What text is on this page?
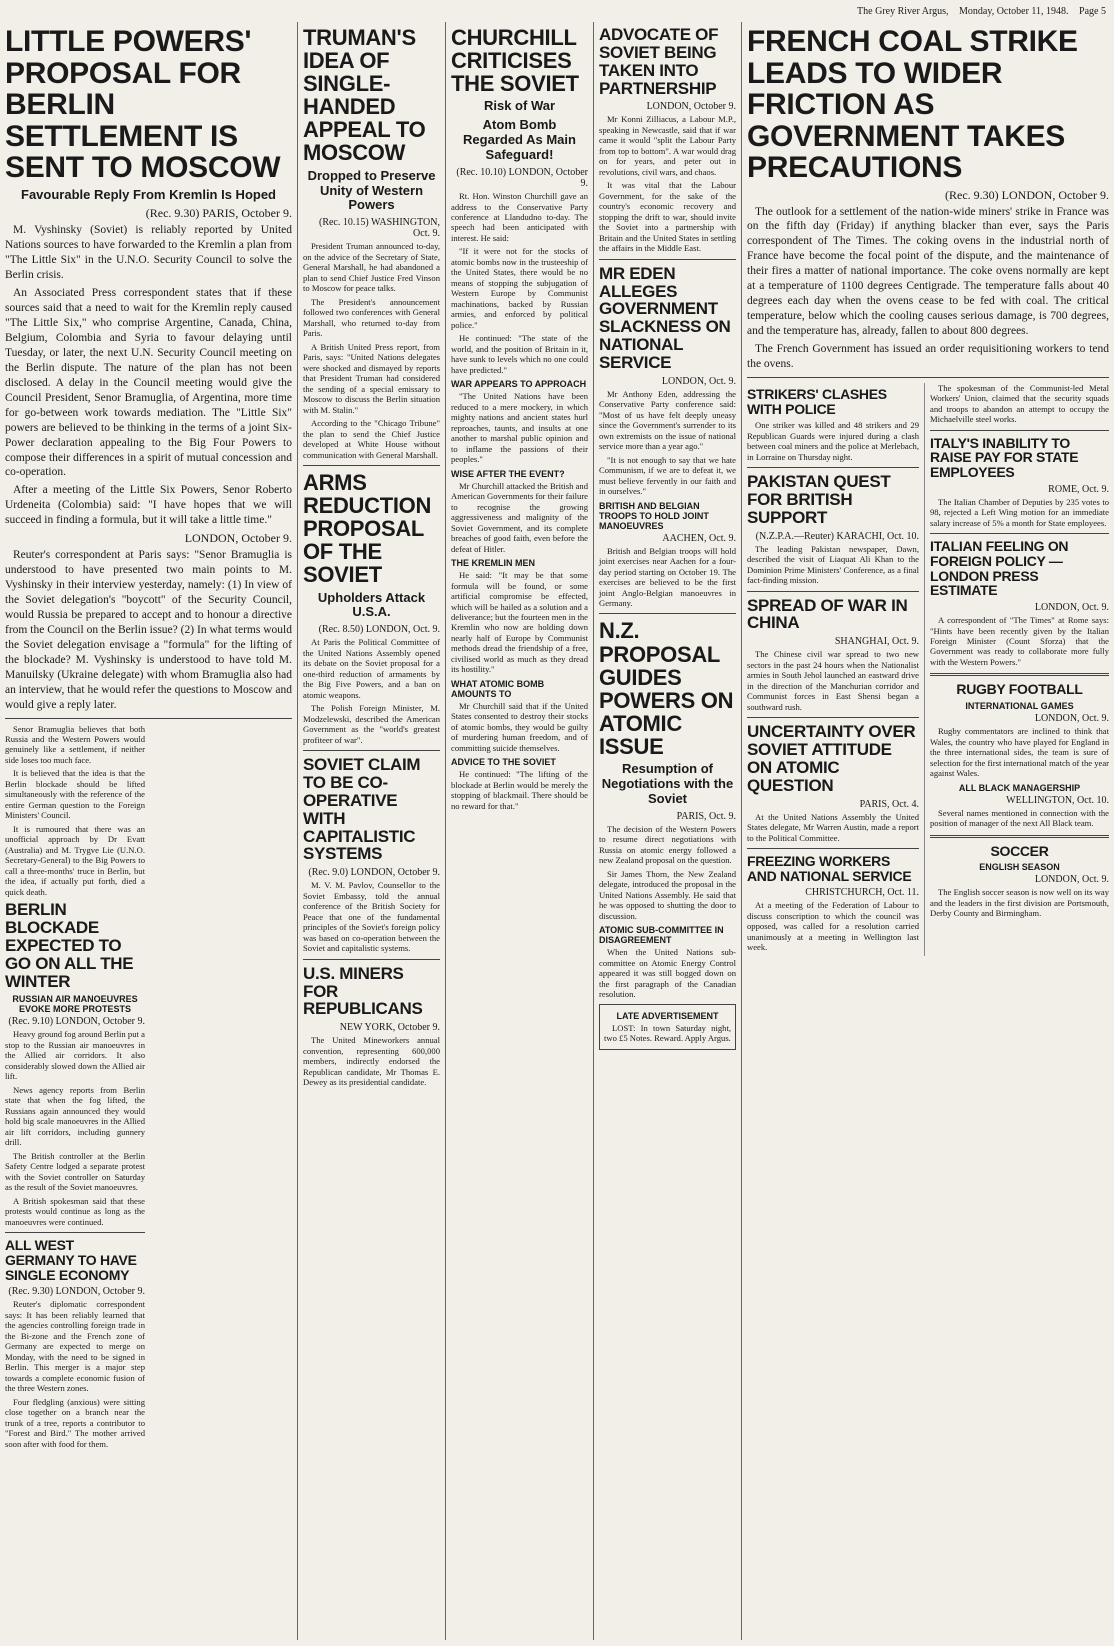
The Grey River Argus, Monday, October 11, 1948. Page 5
LITTLE POWERS' PROPOSAL FOR BERLIN SETTLEMENT IS SENT TO MOSCOW
Favourable Reply From Kremlin Is Hoped
(Rec. 9.30) PARIS, October 9.

M. Vyshinsky (Soviet) is reliably reported by United Nations sources to have forwarded to the Kremlin a plan from "The Little Six" in the U.N.O. Security Council to solve the Berlin crisis.

An Associated Press correspondent states that if these sources said that a need to wait for the Kremlin reply caused "The Little Six," who comprise Argentine, Canada, China, Belgium, Colombia and Syria to favour delaying until Tuesday, or later, the next U.N. Security Council meeting on the Berlin dispute. The nature of the plan has not been disclosed. A delay in the Council meeting would give the Council President, Senor Bramuglia, of Argentina, more time for go-between work towards mediation. The "Little Six" powers are believed to be thinking in the terms of a joint Six-Power declaration appealing to the Big Four Powers to compose their differences in a spirit of mutual concession and co-operation.

After a meeting of the Little Six Powers, Senor Roberto Urdeneita (Colombia) said: "I have hopes that we will succeed in finding a formula, but it will take a little time."

LONDON, October 9.

Reuter's correspondent at Paris says: "Senor Bramuglia is understood to have presented two main points to M. Vyshinsky in their interview yesterday, namely: (1) In view of the Soviet delegation's "boycott" of the Security Council, would Russia be prepared to accept and to honour a directive from the Council on the Berlin issue? (2) In what terms would the Soviet delegation envisage a "formula" for the lifting of the blockade? M. Vyshinsky is understood to have told M. Manuilsky (Ukraine delegate) with whom Bramuglia also had an interview, that he would refer the questions to Moscow and would give a reply later.

Senor Bramuglia believes that both Russia and the Western Powers would genuinely like a settlement, if neither side loses too much face.

It is believed that the idea is that the Berlin blockade should be lifted simultaneously with the reference of the entire German question to the Foreign Ministers' Council.

It is rumoured that there was an unofficial approach by Dr Evatt (Australia) and M. Trygve Lie (U.N.O. Secretary-General) to the Big Powers to call a three-months' truce in Berlin, but the idea, if actually put forth, died a quick death.

BERLIN BLOCKADE EXPECTED TO GO ON ALL THE WINTER
RUSSIAN AIR MANOEUVRES EVOKE MORE PROTESTS
(Rec. 9.10) LONDON, October 9.

Heavy ground fog around Berlin put a stop to the Russian air manoeuvres in the Allied air corridors. It also considerably slowed down the Allied air lift.

News agency reports from Berlin state that when the fog lifted, the Russians again announced they would hold big scale manoeuvres in the Allied air lift corridors, including gunnery drill.

The British controller at the Berlin Safety Centre lodged a separate protest with the Soviet controller on Saturday as the result of the Soviet manoeuvres.

A British spokesman said that these protests would continue as long as the manoeuvres were continued.

ALL WEST GERMANY TO HAVE SINGLE ECONOMY
(Rec. 9.30) LONDON, October 9.

Reuter's diplomatic correspondent says: It has been reliably learned that the agencies controlling foreign trade in the Bi-zone and the French zone of Germany are expected to merge on Monday, with the need to be signed in Berlin. This merger is a major step towards a complete economic fusion of the three Western zones.

Four fledgling (anxious) were sitting close together on a branch near the trunk of a tree, reports a contributor to "Forest and Bird." The mother arrived soon after with food for them.

TRUMAN'S IDEA OF SINGLE-HANDED APPEAL TO MOSCOW
Dropped to Preserve Unity of Western Powers
(Rec. 10.15) WASHINGTON, Oct. 9.

President Truman announced to-day, on the advice of the Secretary of State, General Marshall, he had abandoned a plan to send Chief Justice Fred Vinson to Moscow for peace talks.

The President's announcement followed two conferences with General Marshall, who returned to-day from Paris.

A British United Press report, from Paris, says: "United Nations delegates were shocked and dismayed by reports that President Truman had considered the sending of a special emissary to Moscow to discuss the Berlin situation with M. Stalin."

According to the "Chicago Tribune" the plan to send the Chief Justice developed at White House without communication with General Marshall.

ARMS REDUCTION PROPOSAL OF THE SOVIET
Upholders Attack U.S.A.
(Rec. 8.50) LONDON, Oct. 9.

At Paris the Political Committee of the United Nations Assembly opened its debate on the Soviet proposal for a one-third reduction of armaments by the Big Five Powers, and a ban on atomic weapons.

The Polish Foreign Minister, M. Modzelewski, described the American Government as the "world's greatest profiteer of war".

SOVIET CLAIM TO BE CO-OPERATIVE WITH CAPITALISTIC SYSTEMS
(Rec. 9.0) LONDON, October 9.

M. V. M. Pavlov, Counsellor to the Soviet Embassy, told the annual conference of the British Society for Peace that one of the fundamental principles of the Soviet's foreign policy was based on co-operation between the Soviet and capitalistic systems.

U.S. MINERS FOR REPUBLICANS
NEW YORK, October 9.

The United Mineworkers annual convention, representing 600,000 members, indirectly endorsed the Republican candidate, Mr Thomas E. Dewey as its presidential candidate.

CHURCHILL CRITICISES THE SOVIET
Risk of War
Atom Bomb Regarded As Main Safeguard!
(Rec. 10.10) LONDON, October 9.

Rt. Hon. Winston Churchill gave an address to the Conservative Party conference at Llandudno to-day. The speech had been anticipated with interest. He said:

"If it were not for the stocks of atomic bombs now in the trusteeship of the United States, there would be no means of stopping the subjugation of Western Europe by Communist machinations, backed by Russian armies, and enforced by political police."

He continued: "The state of the world, and the position of Britain in it, have sunk to levels which no one could have predicted."

WAR APPEARS TO APPROACH

"The United Nations have been reduced to a mere mockery, in which mighty nations and ancient states hurl reproaches, taunts, and insults at one another to marshal public opinion and to inflame the passions of their peoples."

WISE AFTER THE EVENT?

Mr Churchill attacked the British and American Governments for their failure to recognise the growing aggressiveness and malignity of the Soviet Government, and its complete breaches of good faith, even before the defeat of Hitler.

THE KREMLIN MEN

He said: "It may be that some formula will be found, or some artificial compromise be effected, which will be hailed as a solution and a deliverance; but the fourteen men in the Kremlin who now are holding down nearly half of Europe by Communist methods dread the friendship of a free, civilised world as much as they dread its hostility."

WHAT ATOMIC BOMB AMOUNTS TO

Mr Churchill said that if the United States consented to destroy their stocks of atomic bombs, they would be guilty of murdering human freedom, and of committing suicide themselves.

ADVICE TO THE SOVIET

He continued: "The lifting of the blockade at Berlin would be merely the stopping of blackmail. There should be no reward for that."

ADVOCATE OF SOVIET BEING TAKEN INTO PARTNERSHIP
LONDON, October 9.

Mr Konni Zilliacus, a Labour M.P., speaking in Newcastle, said that if war came it would "split the Labour Party from top to bottom". A war would drag on for years, and peter out in revolutions, civil wars, and chaos.

It was vital that the Labour Government, for the sake of the country's economic recovery and stopping the drift to war, should invite the Soviet into a partnership with Britain and the United States in settling the affairs in the Middle East.

MR EDEN ALLEGES GOVERNMENT SLACKNESS ON NATIONAL SERVICE
LONDON, Oct. 9.

Mr Anthony Eden, addressing the Conservative Party conference said: "Most of us have felt deeply uneasy since the Government's surrender to its own extremists on the issue of national service more than a year ago."

"It is not enough to say that we hate Communism, if we are to defeat it, we must believe fervently in our faith and in ourselves."

BRITISH AND BELGIAN TROOPS TO HOLD JOINT MANOEUVRES
AACHEN, Oct. 9.

British and Belgian troops will hold joint exercises near Aachen for a four-day period starting on October 19. The exercises are believed to be the first joint Anglo-Belgian manoeuvres in Germany.

N.Z. PROPOSAL GUIDES POWERS ON ATOMIC ISSUE
Resumption of Negotiations with the Soviet
PARIS, Oct. 9.

The decision of the Western Powers to resume direct negotiations with Russia on atomic energy followed a new Zealand proposal on the question.

Sir James Thorn, the New Zealand delegate, introduced the proposal in the United Nations Assembly. He said that he was opposed to shutting the door to discussion.

ATOMIC SUB-COMMITTEE IN DISAGREEMENT

When the United Nations sub-committee on Atomic Energy Control appeared it was still bogged down on the first paragraph of the Canadian resolution.

LATE ADVERTISEMENT

LOST: In town Saturday night, two £5 Notes. Reward. Apply Argus.

FRENCH COAL STRIKE LEADS TO WIDER FRICTION AS GOVERNMENT TAKES PRECAUTIONS
(Rec. 9.30) LONDON, October 9.

The outlook for a settlement of the nation-wide miners' strike in France was on the fifth day (Friday) if anything blacker than ever, says the Paris correspondent of The Times. The coking ovens in the industrial north of France have become the focal point of the dispute, and the maintenance of their fires a matter of national importance. The coke ovens normally are kept at a temperature of 1100 degrees Centigrade. The temperature falls about 40 degrees each day when the ovens cease to be fed with coal. The critical temperature, below which the cooling causes serious damage, is 700 degrees, and the temperature has, already, fallen to about 800 degrees.

The French Government has issued an order requisitioning workers to tend the ovens.

STRIKERS' CLASHES WITH POLICE

One striker was killed and 48 strikers and 29 Republican Guards were injured during a clash between coal miners and the police at Merlebach, in Lorraine on Thursday night.

PAKISTAN QUEST FOR BRITISH SUPPORT
(N.Z.P.A.—Reuter) KARACHI, Oct. 10.

The leading Pakistan newspaper, Dawn, described the visit of Liaquat Ali Khan to the Dominion Prime Ministers' Conference, as a final fact-finding mission.

SPREAD OF WAR IN CHINA
SHANGHAI, Oct. 9.

The Chinese civil war spread to two new sectors in the past 24 hours when the Nationalist armies in South Jehol launched an eastward drive in the direction of the Manchurian corridor and Communist forces in East Shensi began a southward rush.

UNCERTAINTY OVER SOVIET ATTITUDE ON ATOMIC QUESTION
PARIS, Oct. 4.

At the United Nations Assembly the United States delegate, Mr Warren Austin, made a report to the Political Committee.

FREEZING WORKERS AND NATIONAL SERVICE
CHRISTCHURCH, Oct. 11.

At a meeting of the Federation of Labour to discuss conscription to which the council was opposed, was called for a resolution carried unanimously at a meeting in Wellington last week.

The spokesman of the Communist-led Metal Workers' Union, claimed that the security squads and troops to abandon an attempt to occupy the Michaelville steel works.

ITALY'S INABILITY TO RAISE PAY FOR STATE EMPLOYEES
ROME, Oct. 9.

The Italian Chamber of Deputies by 235 votes to 98, rejected a Left Wing motion for an immediate salary increase of 5% a month for State employees.

ITALIAN FEELING ON FOREIGN POLICY — LONDON PRESS ESTIMATE
LONDON, Oct. 9.

A correspondent of "The Times" at Rome says: "Hints have been recently given by the Italian Foreign Minister (Count Sforza) that the Government was ready to collaborate more fully with the Western Powers."

RUGBY FOOTBALL
INTERNATIONAL GAMES
LONDON, Oct. 9.

Rugby commentators are inclined to think that Wales, the country who have played for England in the three international sides, the team is sure of selection for the first international match of the year against Wales.

ALL BLACK MANAGERSHIP
WELLINGTON, Oct. 10.

Several names mentioned in connection with the position of manager of the next All Black team.

SOCCER
ENGLISH SEASON
LONDON, Oct. 9.

The English soccer season is now well on its way and the leaders in the first division are Portsmouth, Derby County and Birmingham.
